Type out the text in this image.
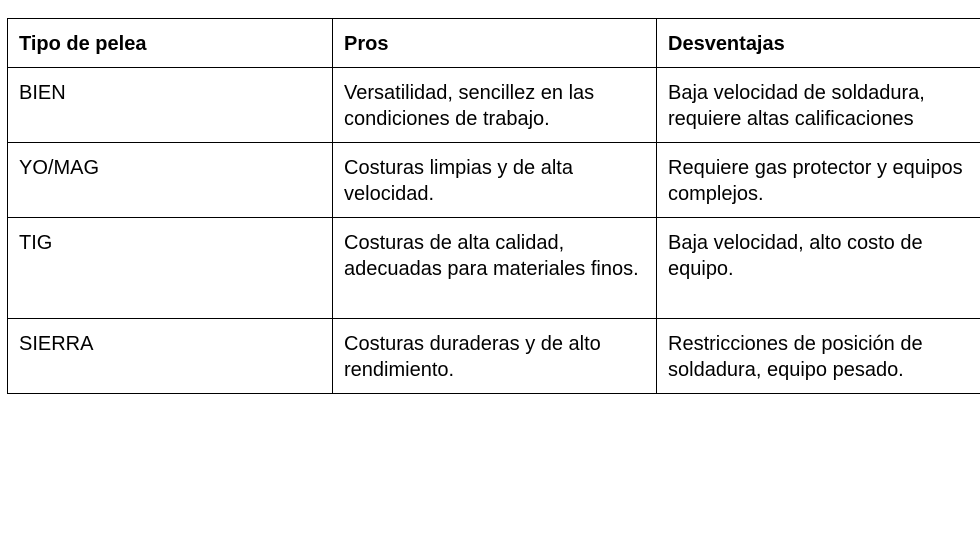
Tipo de pelea	Pros	Desventajas
BIEN	Versatilidad, sencillez en las condiciones de trabajo.	Baja velocidad de soldadura, requiere altas calificaciones
YO/MAG	Costuras limpias y de alta velocidad.	Requiere gas protector y equipos complejos.
TIG	Costuras de alta calidad, adecuadas para materiales finos.	Baja velocidad, alto costo de equipo.
SIERRA	Costuras duraderas y de alto rendimiento.	Restricciones de posición de soldadura, equipo pesado.
